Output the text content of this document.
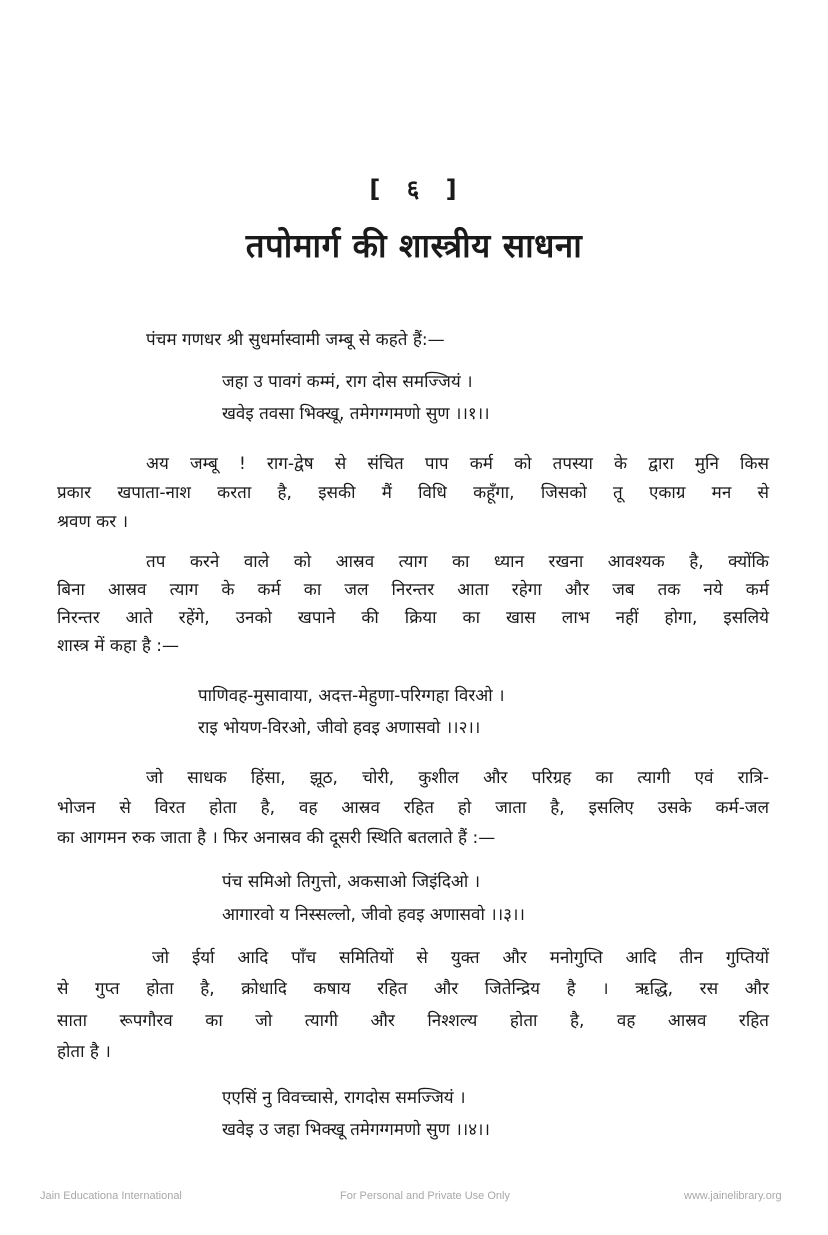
[ ६ ]
तपोमार्ग की शास्त्रीय साधना
पंचम गणधर श्री सुधर्मास्वामी जम्बू से कहते हैं:—
जहा उ पावगं कम्मं, राग दोस समज्जियं ।
खवेइ तवसा भिक्खू, तमेगग्गमणो सुण ।।१।।
अय जम्बू ! राग-द्वेष से संचित पाप कर्म को तपस्या के द्वारा मुनि किस
प्रकार खपाता-नाश करता है, इसकी मैं विधि कहूँगा, जिसको तू एकाग्र मन से
श्रवण कर ।
तप करने वाले को आस्रव त्याग का ध्यान रखना आवश्यक है, क्योंकि
बिना आस्रव त्याग के कर्म का जल निरन्तर आता रहेगा और जब तक नये कर्म
निरन्तर आते रहेंगे, उनको खपाने की क्रिया का खास लाभ नहीं होगा, इसलिये
शास्त्र में कहा है :—
पाणिवह-मुसावाया, अदत्त-मेहुणा-परिग्गहा विरओ ।
राइ भोयण-विरओ, जीवो हवइ अणासवो ।।२।।
जो साधक हिंसा, झूठ, चोरी, कुशील और परिग्रह का त्यागी एवं रात्रि-
भोजन से विरत होता है, वह आस्रव रहित हो जाता है, इसलिए उसके कर्म-जल
का आगमन रुक जाता है । फिर अनास्रव की दूसरी स्थिति बतलाते हैं :—
पंच समिओ तिगुत्तो, अकसाओ जिइंदिओ ।
आगारवो य निस्सल्लो, जीवो हवइ अणासवो ।।३।।
जो ईर्या आदि पाँच समितियों से युक्त और मनोगुप्ति आदि तीन गुप्तियों
से गुप्त होता है, क्रोधादि कषाय रहित और जितेन्द्रिय है । ऋद्धि, रस और
साता रूपगौरव का जो त्यागी और निश्शल्य होता है, वह आस्रव रहित
होता है ।
एएसिं नु विवच्चासे, रागदोस समज्जियं ।
खवेइ उ जहा भिक्खू तमेगग्गमणो सुण ।।४।।
Jain Educationa International	For Personal and Private Use Only	www.jainelibrary.org
